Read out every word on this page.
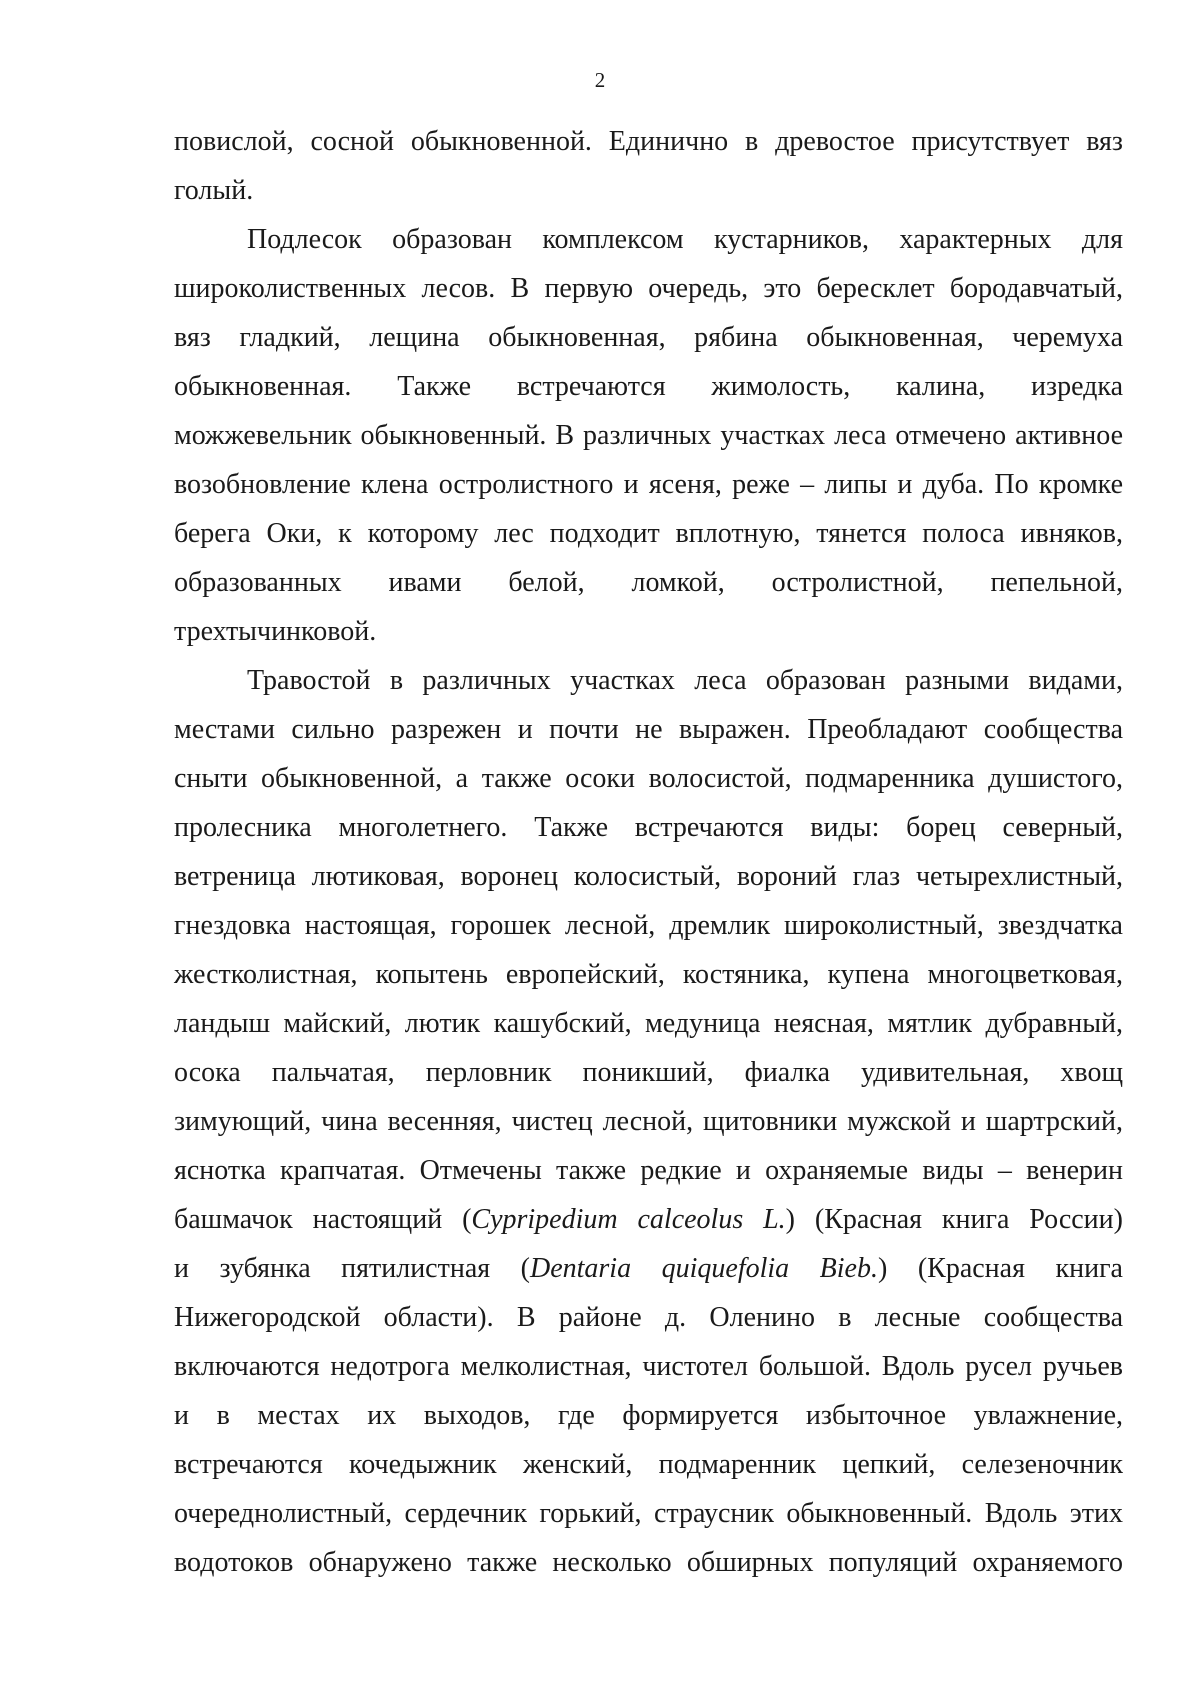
2
повислой, сосной обыкновенной. Единично в древостое присутствует вяз
голый.
Подлесок образован комплексом кустарников, характерных для
широколиственных лесов. В первую очередь, это бересклет бородавчатый,
вяз гладкий, лещина обыкновенная, рябина обыкновенная, черемуха
обыкновенная. Также встречаются жимолость, калина, изредка
можжевельник обыкновенный. В различных участках леса отмечено активное
возобновление клена остролистного и ясеня, реже – липы и дуба. По кромке
берега Оки, к которому лес подходит вплотную, тянется полоса ивняков,
образованных ивами белой, ломкой, остролистной, пепельной,
трехтычинковой.
Травостой в различных участках леса образован разными видами,
местами сильно разрежен и почти не выражен. Преобладают сообщества
сныти обыкновенной, а также осоки волосистой, подмаренника душистого,
пролесника многолетнего. Также встречаются виды: борец северный,
ветреница лютиковая, воронец колосистый, вороний глаз четырехлистный,
гнездовка настоящая, горошек лесной, дремлик широколистный, звездчатка
жестколистная, копытень европейский, костяника, купена многоцветковая,
ландыш майский, лютик кашубский, медуница неясная, мятлик дубравный,
осока пальчатая, перловник поникший, фиалка удивительная, хвощ
зимующий, чина весенняя, чистец лесной, щитовники мужской и шартрский,
яснотка крапчатая. Отмечены также редкие и охраняемые виды – венерин
башмачок настоящий (Cypripedium calceolus L.) (Красная книга России)
и зубянка пятилистная (Dentaria quiquefolia Bieb.) (Красная книга
Нижегородской области). В районе д. Оленино в лесные сообщества
включаются недотрога мелколистная, чистотел большой. Вдоль русел ручьев
и в местах их выходов, где формируется избыточное увлажнение,
встречаются кочедыжник женский, подмаренник цепкий, селезеночник
очереднолистный, сердечник горький, страусник обыкновенный. Вдоль этих
водотоков обнаружено также несколько обширных популяций охраняемого
